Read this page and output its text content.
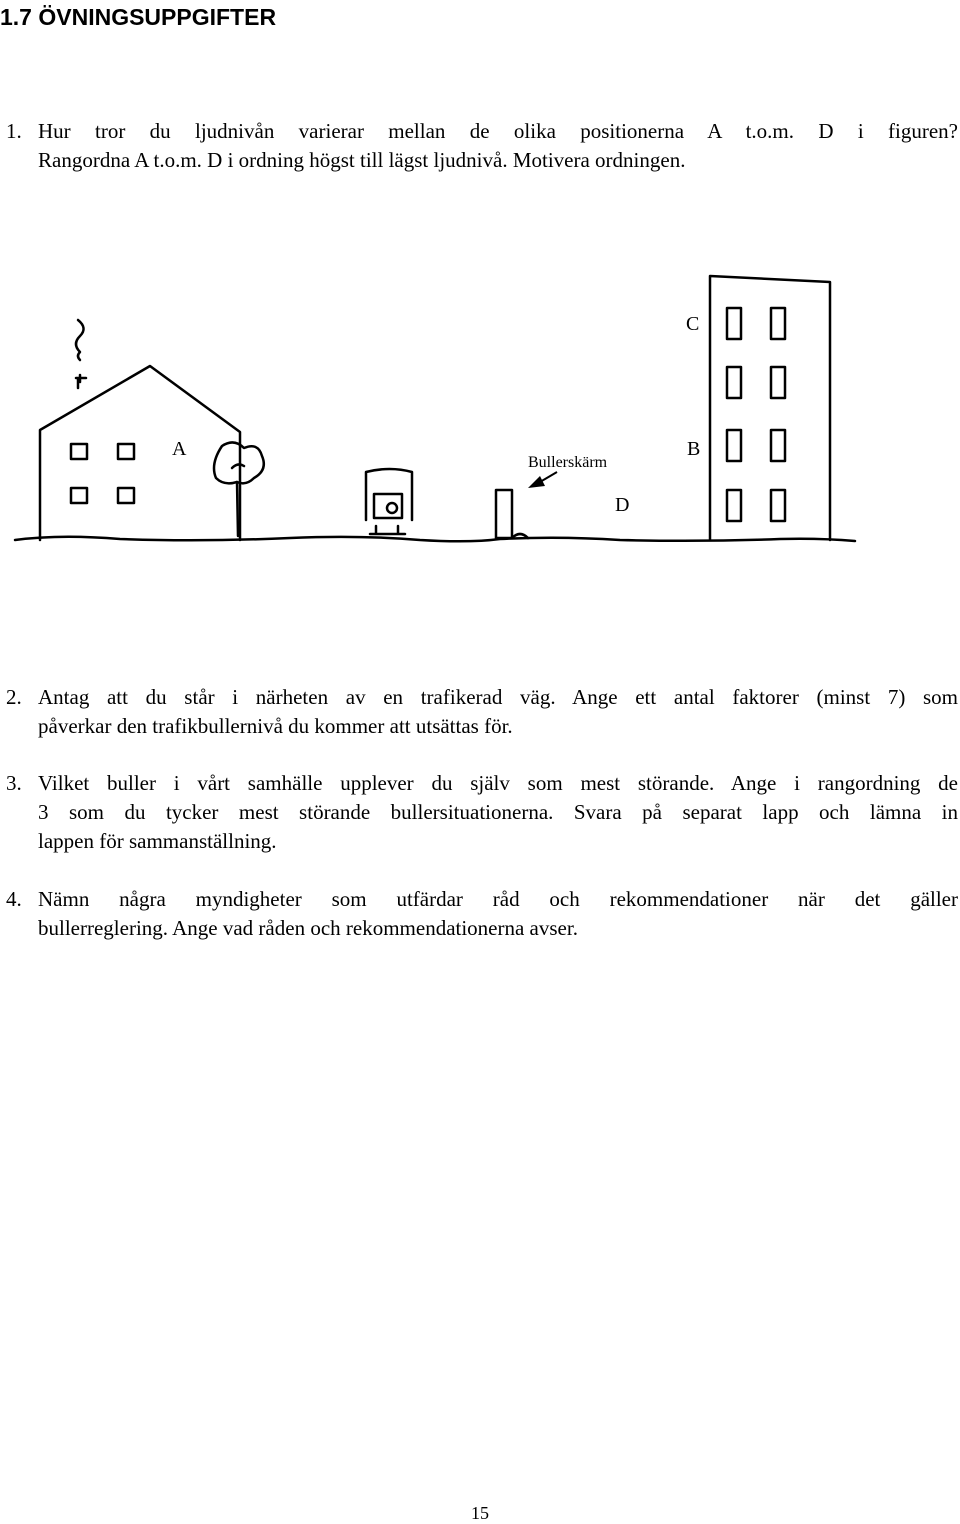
1.7 ÖVNINGSUPPGIFTER
1. Hur tror du ljudnivån varierar mellan de olika positionerna A t.o.m. D i figuren?
Rangordna A t.o.m. D i ordning högst till lägst ljudnivå. Motivera ordningen.
A	B
C
D
Bullerskärm
2. Antag att du står i närheten av en trafikerad väg. Ange ett antal faktorer (minst 7) som
påverkar den trafikbullernivå du kommer att utsättas för.
3. Vilket buller i vårt samhälle upplever du själv som mest störande. Ange i rangordning de
3 som du tycker mest störande bullersituationerna. Svara på separat lapp och lämna in
lappen för sammanställning.
4. Nämn några myndigheter som utfärdar råd och rekommendationer när det gäller
bullerreglering. Ange vad råden och rekommendationerna avser.
15
